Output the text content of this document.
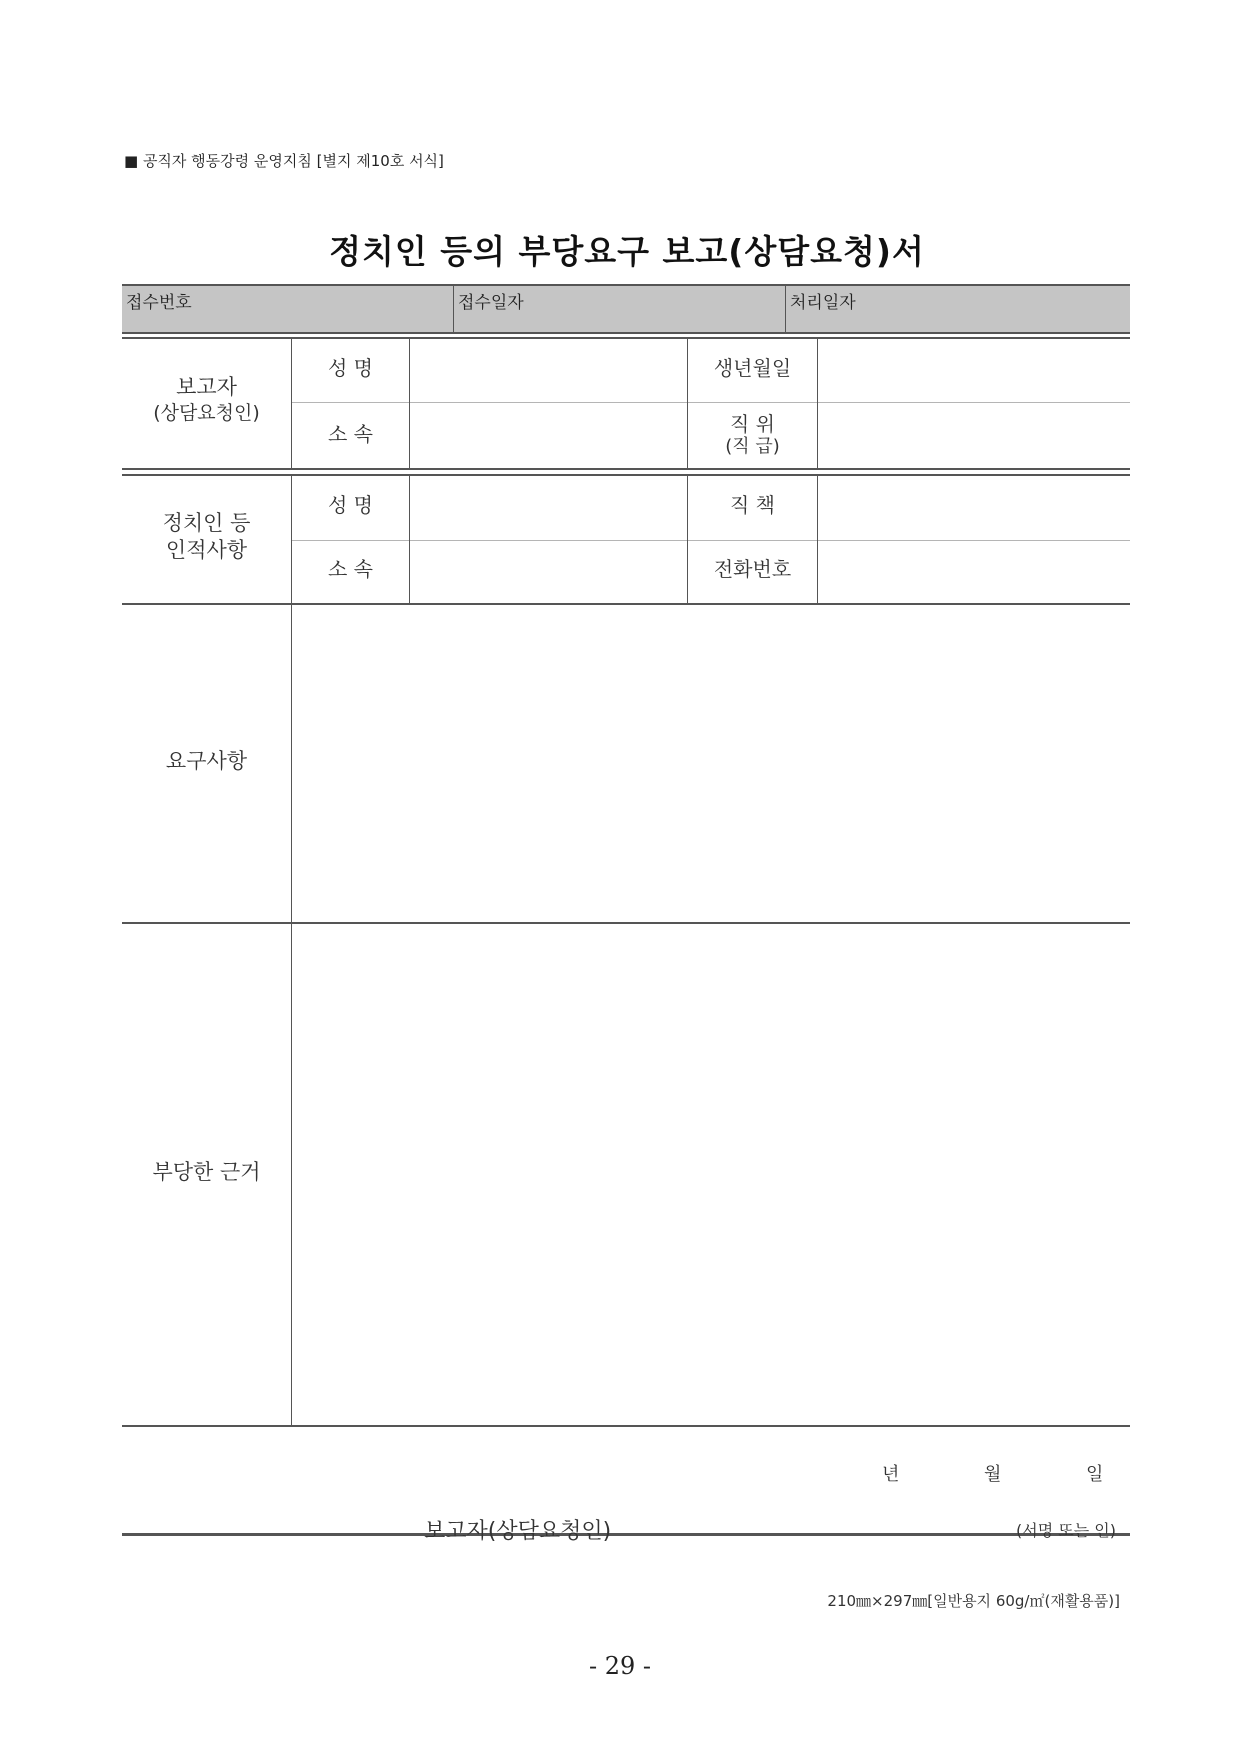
■ 공직자 행동강령 운영지침 [별지 제10호 서식]
정치인 등의 부당요구 보고(상담요청)서
접수번호	접수일자	처리일자
보고자
(상담요청인)
성 명	생년월일
소 속	직 위
(직 급)
정치인 등
인적사항
성 명	직 책
소 속	전화번호
요구사항
부당한 근거
년	월	일
보고자(상담요청인)	(서명 또는 인)
210㎜×297㎜[일반용지 60g/㎡(재활용품)]
- 29 -
